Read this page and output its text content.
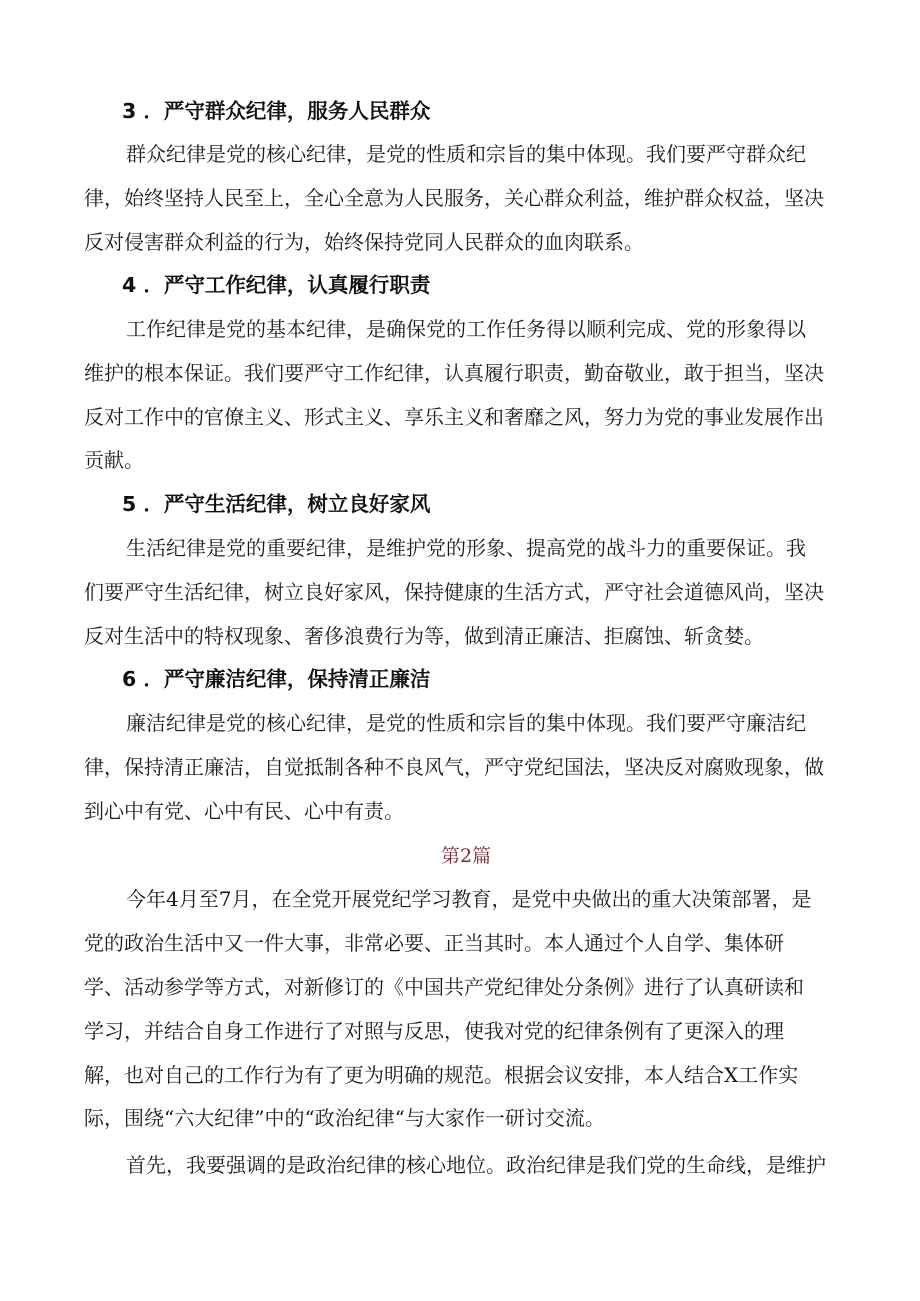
3 ．严守群众纪律，服务人民群众
群众纪律是党的核心纪律，是党的性质和宗旨的集中体现。我们要严守群众纪
律，始终坚持人民至上，全心全意为人民服务，关心群众利益，维护群众权益，坚决
反对侵害群众利益的行为，始终保持党同人民群众的血肉联系。
4 ．严守工作纪律，认真履行职责
工作纪律是党的基本纪律，是确保党的工作任务得以顺利完成、党的形象得以
维护的根本保证。我们要严守工作纪律，认真履行职责，勤奋敬业，敢于担当，坚决
反对工作中的官僚主义、形式主义、享乐主义和奢靡之风，努力为党的事业发展作出
贡献。
5 ．严守生活纪律，树立良好家风
生活纪律是党的重要纪律，是维护党的形象、提高党的战斗力的重要保证。我
们要严守生活纪律，树立良好家风，保持健康的生活方式，严守社会道德风尚，坚决
反对生活中的特权现象、奢侈浪费行为等，做到清正廉洁、拒腐蚀、斩贪婪。
6 ．严守廉洁纪律，保持清正廉洁
廉洁纪律是党的核心纪律，是党的性质和宗旨的集中体现。我们要严守廉洁纪
律，保持清正廉洁，自觉抵制各种不良风气，严守党纪国法，坚决反对腐败现象，做
到心中有党、心中有民、心中有责。
第2篇
今年4月至7月，在全党开展党纪学习教育，是党中央做出的重大决策部署，是
党的政治生活中又一件大事，非常必要、正当其时。本人通过个人自学、集体研
学、活动参学等方式，对新修订的《中国共产党纪律处分条例》进行了认真研读和
学习，并结合自身工作进行了对照与反思，使我对党的纪律条例有了更深入的理
解，也对自己的工作行为有了更为明确的规范。根据会议安排，本人结合X工作实
际，围绕“六大纪律”中的“政治纪律“与大家作一研讨交流。
首先，我要强调的是政治纪律的核心地位。政治纪律是我们党的生命线，是维护
